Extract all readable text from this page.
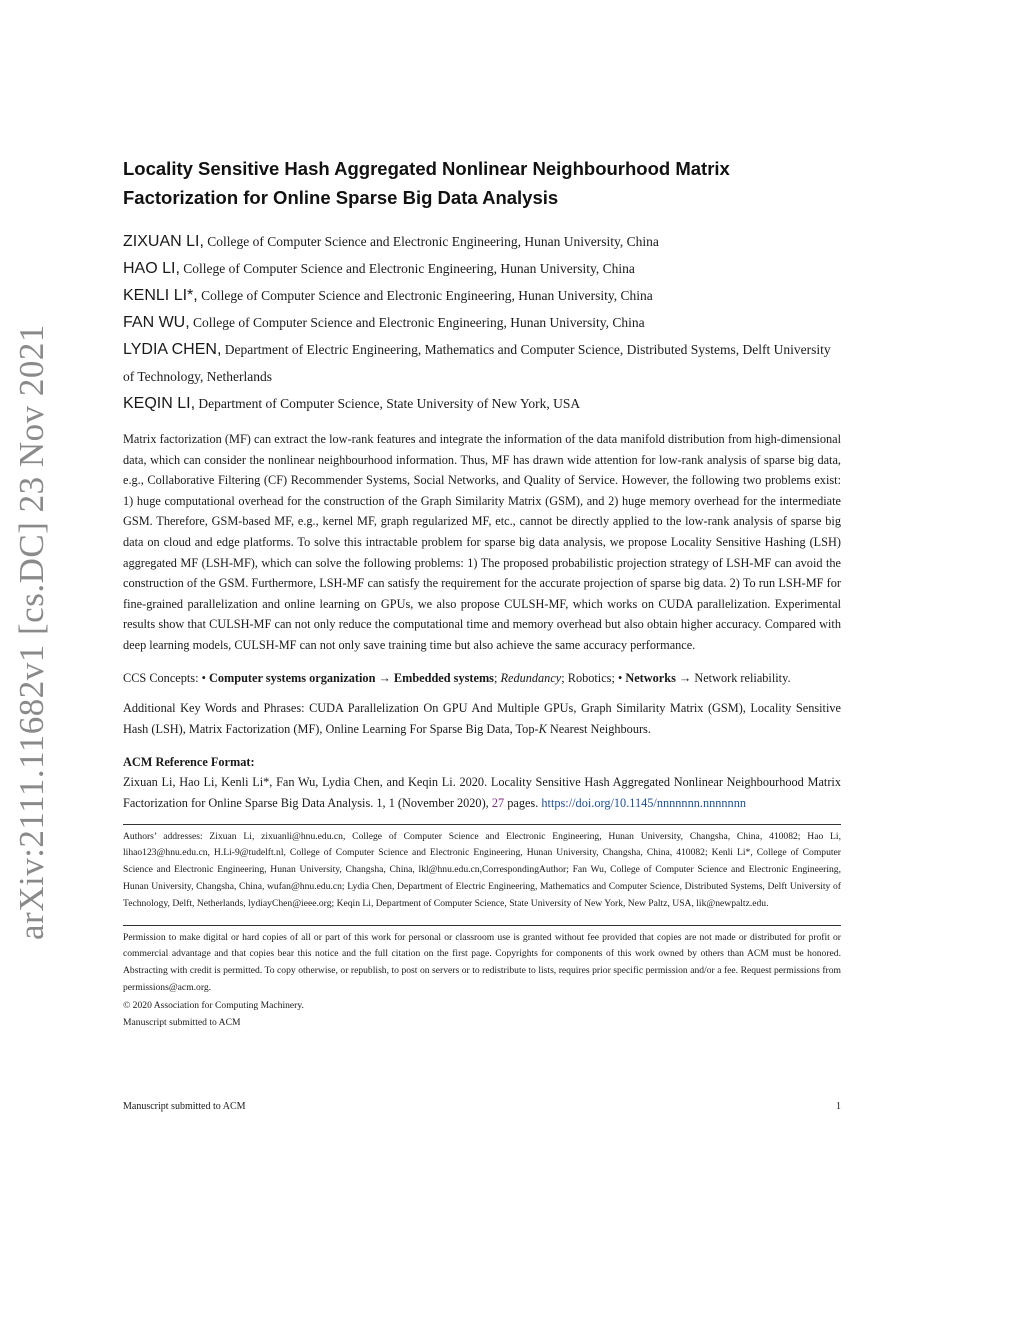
arXiv:2111.11682v1 [cs.DC] 23 Nov 2021
Locality Sensitive Hash Aggregated Nonlinear Neighbourhood Matrix Factorization for Online Sparse Big Data Analysis
ZIXUAN LI, College of Computer Science and Electronic Engineering, Hunan University, China
HAO LI, College of Computer Science and Electronic Engineering, Hunan University, China
KENLI LI*, College of Computer Science and Electronic Engineering, Hunan University, China
FAN WU, College of Computer Science and Electronic Engineering, Hunan University, China
LYDIA CHEN, Department of Electric Engineering, Mathematics and Computer Science, Distributed Systems, Delft University of Technology, Netherlands
KEQIN LI, Department of Computer Science, State University of New York, USA

Matrix factorization (MF) can extract the low-rank features and integrate the information of the data manifold distribution from high-dimensional data, which can consider the nonlinear neighbourhood information. Thus, MF has drawn wide attention for low-rank analysis of sparse big data, e.g., Collaborative Filtering (CF) Recommender Systems, Social Networks, and Quality of Service. However, the following two problems exist: 1) huge computational overhead for the construction of the Graph Similarity Matrix (GSM), and 2) huge memory overhead for the intermediate GSM. Therefore, GSM-based MF, e.g., kernel MF, graph regularized MF, etc., cannot be directly applied to the low-rank analysis of sparse big data on cloud and edge platforms. To solve this intractable problem for sparse big data analysis, we propose Locality Sensitive Hashing (LSH) aggregated MF (LSH-MF), which can solve the following problems: 1) The proposed probabilistic projection strategy of LSH-MF can avoid the construction of the GSM. Furthermore, LSH-MF can satisfy the requirement for the accurate projection of sparse big data. 2) To run LSH-MF for fine-grained parallelization and online learning on GPUs, we also propose CULSH-MF, which works on CUDA parallelization. Experimental results show that CULSH-MF can not only reduce the computational time and memory overhead but also obtain higher accuracy. Compared with deep learning models, CULSH-MF can not only save training time but also achieve the same accuracy performance.

CCS Concepts: • Computer systems organization → Embedded systems; Redundancy; Robotics; • Networks → Network reliability.
Additional Key Words and Phrases: CUDA Parallelization On GPU And Multiple GPUs, Graph Similarity Matrix (GSM), Locality Sensitive Hash (LSH), Matrix Factorization (MF), Online Learning For Sparse Big Data, Top-K Nearest Neighbours.
ACM Reference Format:
Zixuan Li, Hao Li, Kenli Li*, Fan Wu, Lydia Chen, and Keqin Li. 2020. Locality Sensitive Hash Aggregated Nonlinear Neighbourhood Matrix Factorization for Online Sparse Big Data Analysis. 1, 1 (November 2020), 27 pages. https://doi.org/10.1145/nnnnnnn.nnnnnnn
Authors’ addresses: Zixuan Li, zixuanli@hnu.edu.cn, College of Computer Science and Electronic Engineering, Hunan University, Changsha, China, 410082; Hao Li, lihao123@hnu.edu.cn, H.Li-9@tudelft.nl, College of Computer Science and Electronic Engineering, Hunan University, Changsha, China, 410082; Kenli Li*, College of Computer Science and Electronic Engineering, Hunan University, Changsha, China, lkl@hnu.edu.cn,CorrespondingAuthor; Fan Wu, College of Computer Science and Electronic Engineering, Hunan University, Changsha, China, wufan@hnu.edu.cn; Lydia Chen, Department of Electric Engineering, Mathematics and Computer Science, Distributed Systems, Delft University of Technology, Delft, Netherlands, lydiayChen@ieee.org; Keqin Li, Department of Computer Science, State University of New York, New Paltz, USA, lik@newpaltz.edu.
Permission to make digital or hard copies of all or part of this work for personal or classroom use is granted without fee provided that copies are not made or distributed for profit or commercial advantage and that copies bear this notice and the full citation on the first page. Copyrights for components of this work owned by others than ACM must be honored. Abstracting with credit is permitted. To copy otherwise, or republish, to post on servers or to redistribute to lists, requires prior specific permission and/or a fee. Request permissions from permissions@acm.org.
© 2020 Association for Computing Machinery.
Manuscript submitted to ACM
Manuscript submitted to ACM	1
